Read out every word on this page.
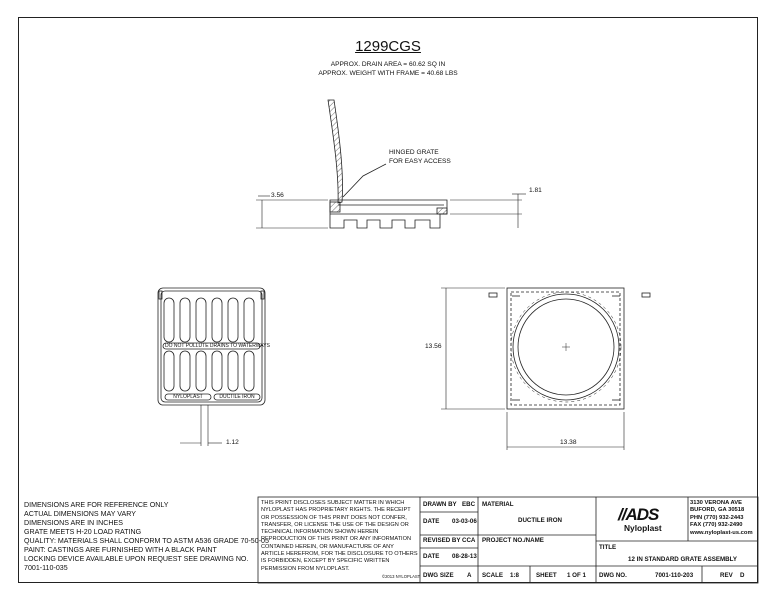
1299CGS
APPROX. DRAIN AREA = 60.62 SQ IN
APPROX. WEIGHT WITH FRAME = 40.68 LBS
HINGED GRATE
FOR EASY ACCESS
3.56
1.81
1.12
13.56
13.38
DO NOT POLLUTE DRAINS TO WATERWAYS
NYLOPLAST	DUCTILE IRON
DIMENSIONS ARE FOR REFERENCE ONLY
ACTUAL DIMENSIONS MAY VARY
DIMENSIONS ARE IN INCHES
GRATE MEETS H-20 LOAD RATING
QUALITY: MATERIALS SHALL CONFORM TO ASTM A536 GRADE 70-50-05
PAINT: CASTINGS ARE FURNISHED WITH A BLACK PAINT
LOCKING DEVICE AVAILABLE UPON REQUEST SEE DRAWING NO.
7001-110-035
THIS PRINT DISCLOSES SUBJECT MATTER IN WHICH
NYLOPLAST HAS PROPRIETARY RIGHTS. THE RECEIPT
OR POSSESSION OF THIS PRINT DOES NOT CONFER,
TRANSFER, OR LICENSE THE USE OF THE DESIGN OR
TECHNICAL INFORMATION SHOWN HEREIN
REPRODUCTION OF THIS PRINT OR ANY INFORMATION
CONTAINED HEREIN, OR MANUFACTURE OF ANY
ARTICLE HEREFROM, FOR THE DISCLOSURE TO OTHERS
IS FORBIDDEN, EXCEPT BY SPECIFIC WRITTEN
PERMISSION FROM NYLOPLAST.
©2013 NYLOPLAST
DRAWN BY EBC
DATE 03-03-06
REVISED BY CCA
DATE 08-28-13
MATERIAL
DUCTILE IRON
PROJECT NO./NAME
DWG SIZE A SCALE 1:8	SHEET 1 OF 1
TITLE
12 IN STANDARD GRATE ASSEMBLY
DWG NO.	7001-110-203	REV D
//ADS
Nyloplast
3130 VERONA AVE
BUFORD, GA 30518
PHN (770) 932-2443
FAX (770) 932-2490
www.nyloplast-us.com
